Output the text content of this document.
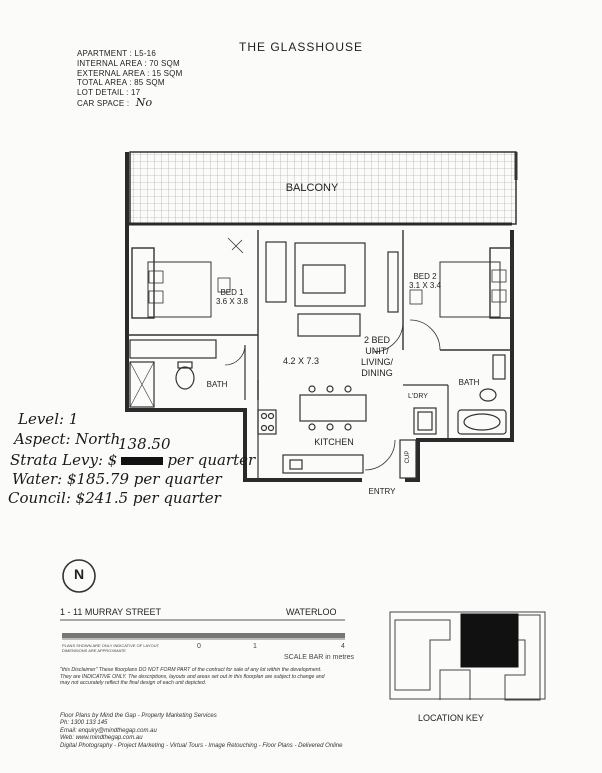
THE GLASSHOUSE
APARTMENT : L5-16
INTERNAL AREA : 70 SQM
EXTERNAL AREA : 15 SQM
TOTAL AREA : 85 SQM
LOT DETAIL : 17
CAR SPACE : No
BALCONY
BED 1
3.6 X 3.8
BED 2
3.1 X 3.4
4.2 X 7.3
2 BED
UNIT/
LIVING/
DINING
BATH	BATH
KITCHEN
L'DRY
CUP
ENTRY
Level: 1
Aspect: North
138.50
Strata Levy: $	per quarter
Water: $185.79 per quarter
Council: $241.5 per quarter
N
1 - 11 MURRAY STREET	WATERLOO
PLANS SHOWN ARE ONLY INDICATIVE OF LAYOUT
DIMENSIONS ARE APPROXIMATE
0	1	4
SCALE BAR in metres
"this Disclaimer" These floorplans DO NOT FORM PART of the contract for sale of any lot within the development.
They are INDICATIVE ONLY. The descriptions, layouts and areas set out in this floorplan are subject to change and
may not accurately reflect the final design of each unit depicted.
LOCATION KEY
Floor Plans by Mind the Gap - Property Marketing Services
Ph: 1300 133 145
Email: enquiry@mindthegap.com.au
Web: www.mindthegap.com.au
Digital Photography - Project Marketing - Virtual Tours - Image Retouching - Floor Plans - Delivered Online
